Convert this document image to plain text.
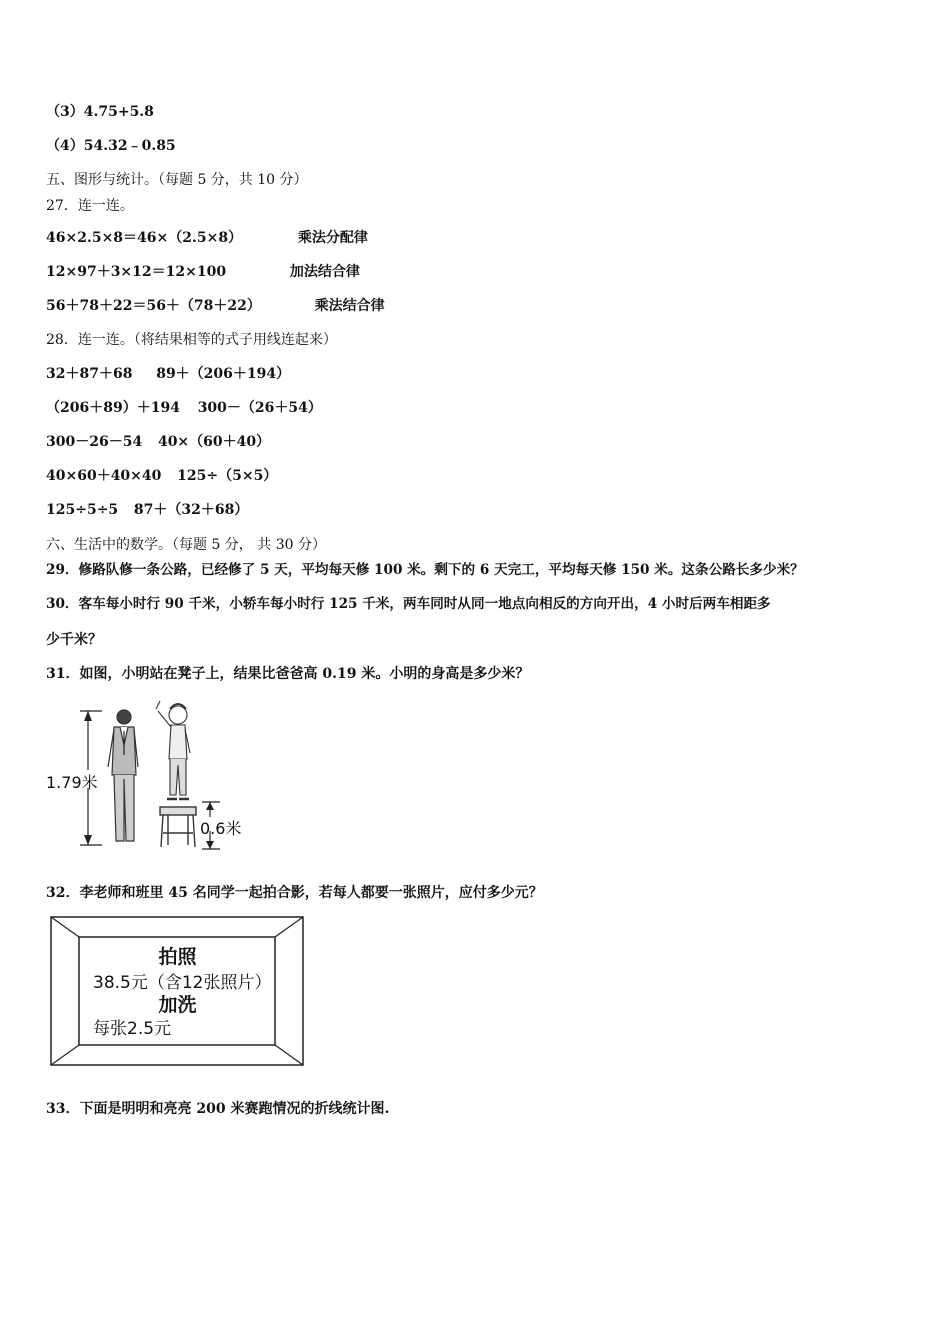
（3）4.75+5.8
（4）54.32﹣0.85
五、图形与统计。（每题 5 分，共 10 分）
27．连一连。
46×2.5×8＝46×（2.5×8）	乘法分配律
12×97＋3×12＝12×100	加法结合律
56＋78＋22＝56＋（78＋22）	乘法结合律
28．连一连。（将结果相等的式子用线连起来）
32＋87＋68 89＋（206＋194）
（206＋89）＋194 300－（26＋54）
300－26－54 40×（60＋40）
40×60＋40×40 125÷（5×5）
125÷5÷5 87＋（32＋68）
六、生活中的数学。（每题 5 分， 共 30 分）
29．修路队修一条公路，已经修了 5 天，平均每天修 100 米。剩下的 6 天完工，平均每天修 150 米。这条公路长多少米？
30．客车每小时行 90 千米，小轿车每小时行 125 千米，两车同时从同一地点向相反的方向开出，4 小时后两车相距多
少千米？
31．如图，小明站在凳子上，结果比爸爸高 0.19 米。小明的身高是多少米？
1.79米
0.6米
32．李老师和班里 45 名同学一起拍合影，若每人都要一张照片，应付多少元？
拍照
38.5元（含12张照片）
加洗
每张2.5元
33．下面是明明和亮亮 200 米赛跑情况的折线统计图.
